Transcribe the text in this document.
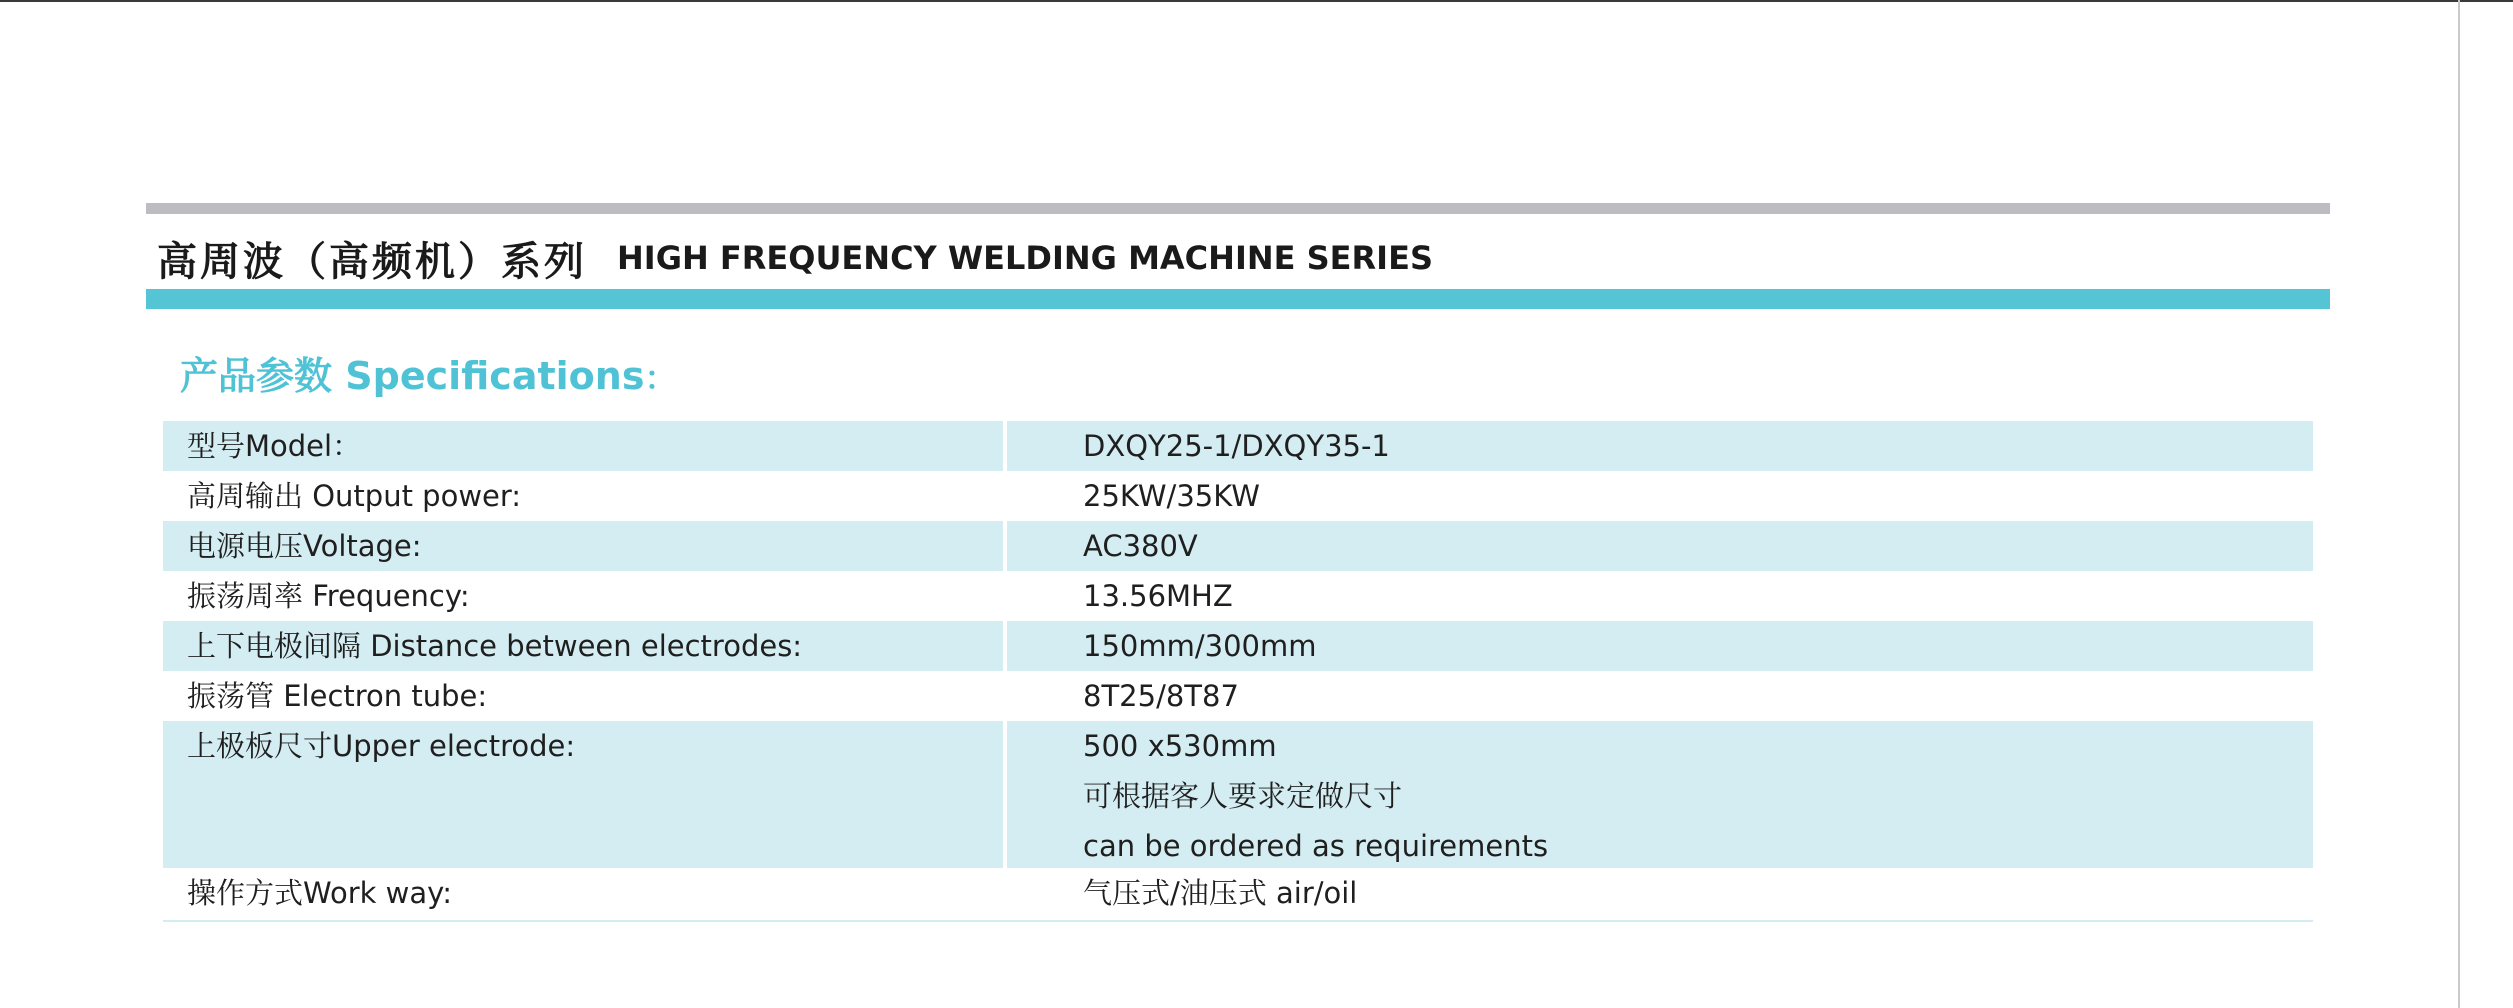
高周波（高频机）系列 HIGH FREQUENCY WELDING MACHINE SERIES
产品参数 Specifications：
型号Model：	DXQY25-1/DXQY35-1
高周输出 Output power:	25KW/35KW
电源电压Voltage:	AC380V
振荡周率 Frequency:	13.56MHZ
上下电极间隔 Distance between electrodes:	150mm/300mm
振荡管 Electron tube:	8T25/8T87
上极板尺寸Upper electrode:	500 x530mm
可根据客人要求定做尺寸
can be ordered as requirements
操作方式Work way:	气压式/油压式 air/oil
